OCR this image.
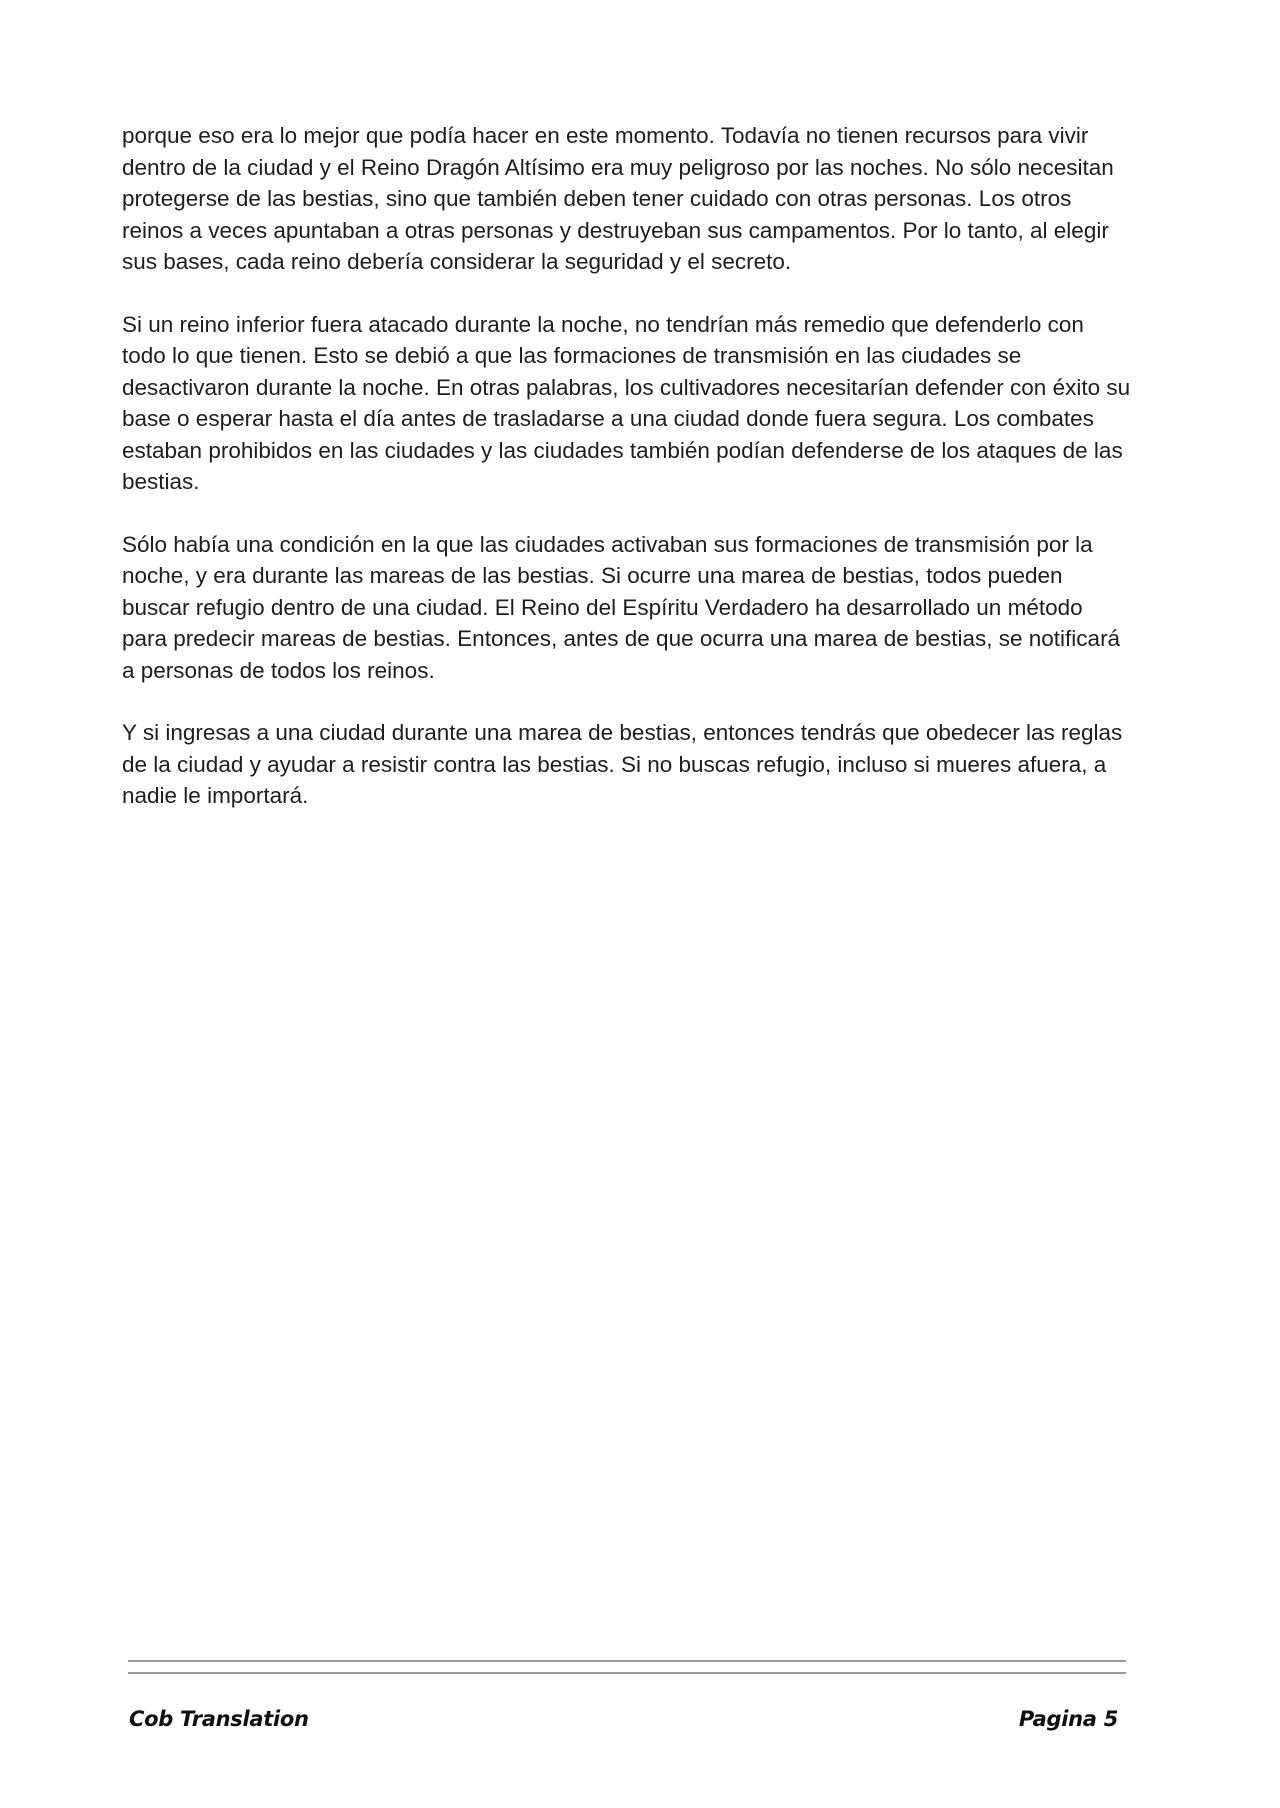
porque eso era lo mejor que podía hacer en este momento. Todavía no tienen recursos para vivir dentro de la ciudad y el Reino Dragón Altísimo era muy peligroso por las noches. No sólo necesitan protegerse de las bestias, sino que también deben tener cuidado con otras personas. Los otros reinos a veces apuntaban a otras personas y destruyeban sus campamentos. Por lo tanto, al elegir sus bases, cada reino debería considerar la seguridad y el secreto.

Si un reino inferior fuera atacado durante la noche, no tendrían más remedio que defenderlo con todo lo que tienen. Esto se debió a que las formaciones de transmisión en las ciudades se desactivaron durante la noche. En otras palabras, los cultivadores necesitarían defender con éxito su base o esperar hasta el día antes de trasladarse a una ciudad donde fuera segura. Los combates estaban prohibidos en las ciudades y las ciudades también podían defenderse de los ataques de las bestias.

Sólo había una condición en la que las ciudades activaban sus formaciones de transmisión por la noche, y era durante las mareas de las bestias. Si ocurre una marea de bestias, todos pueden buscar refugio dentro de una ciudad. El Reino del Espíritu Verdadero ha desarrollado un método para predecir mareas de bestias. Entonces, antes de que ocurra una marea de bestias, se notificará a personas de todos los reinos.

Y si ingresas a una ciudad durante una marea de bestias, entonces tendrás que obedecer las reglas de la ciudad y ayudar a resistir contra las bestias. Si no buscas refugio, incluso si mueres afuera, a nadie le importará.

Cob Translation	Pagina 5
